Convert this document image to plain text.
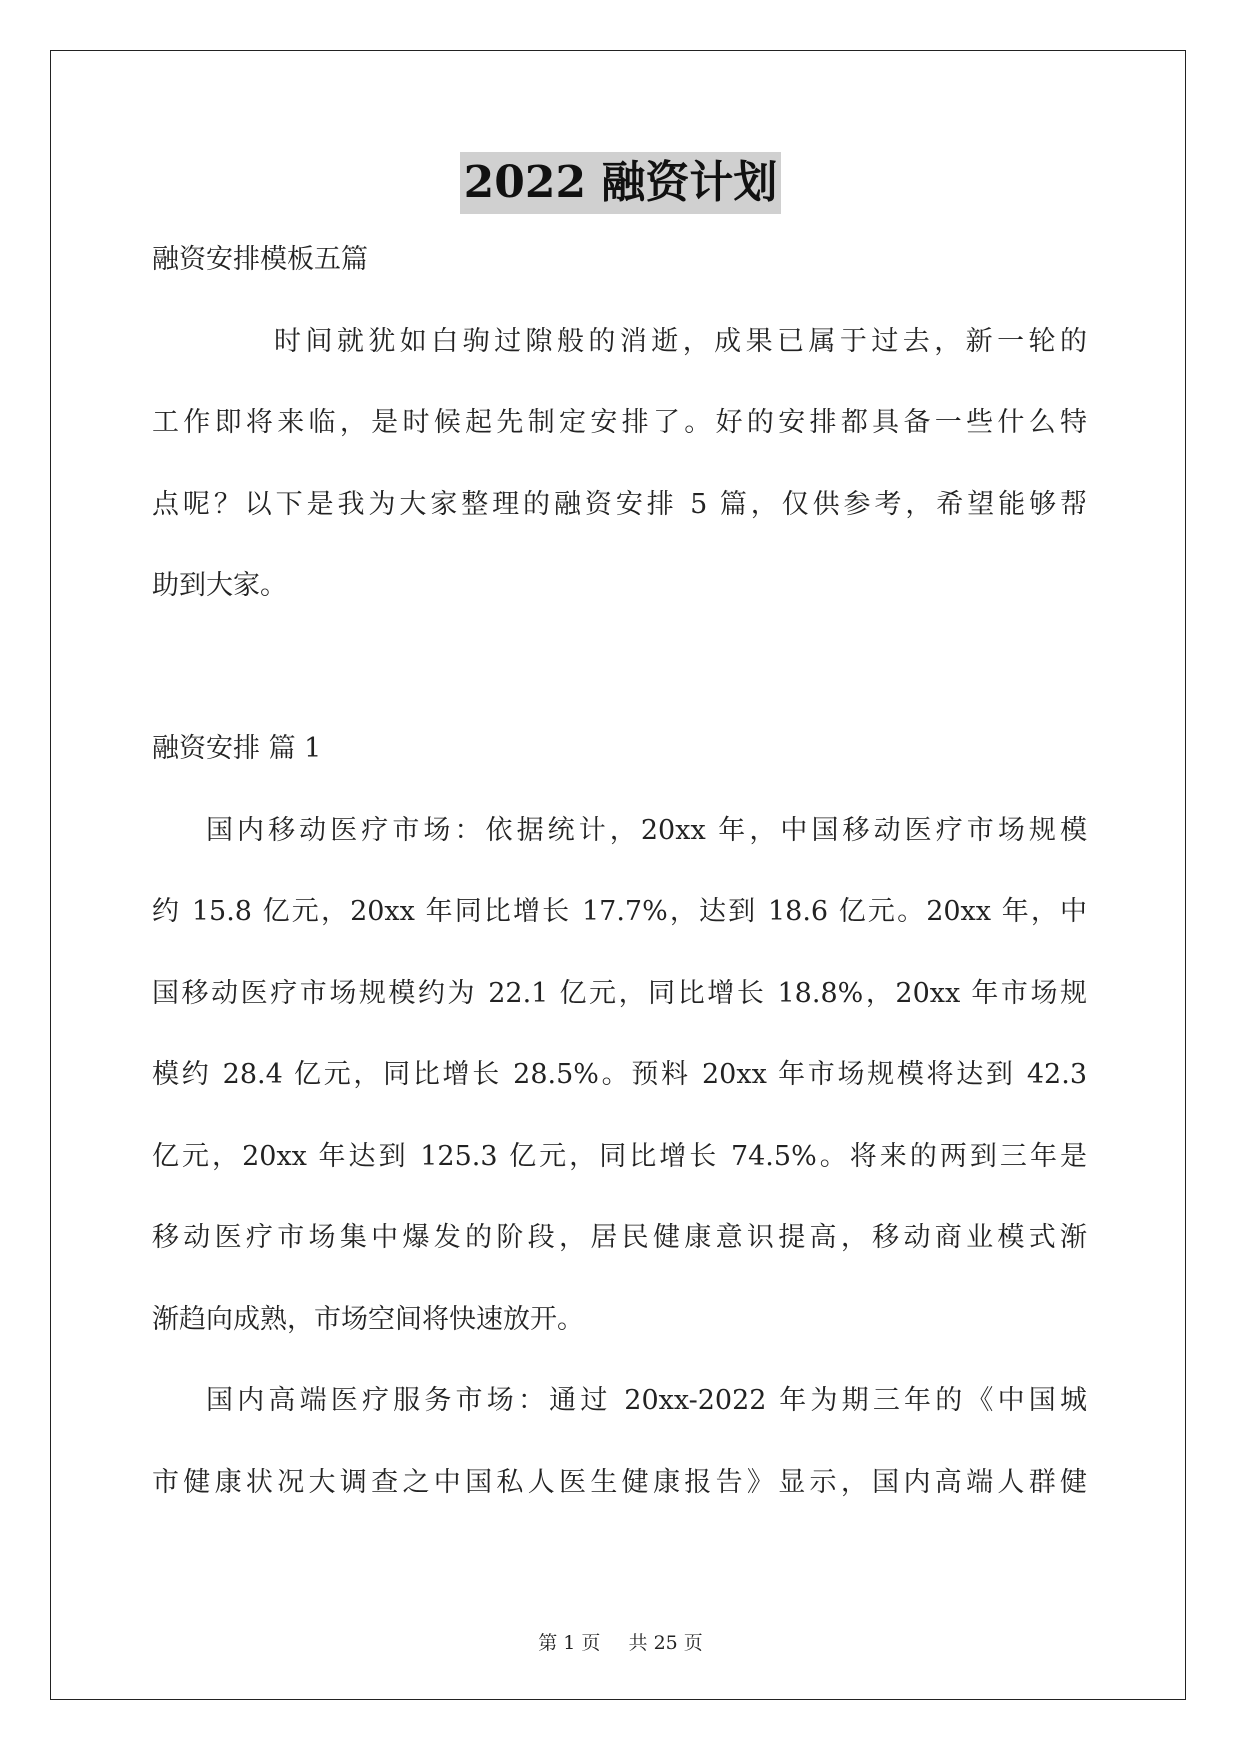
2022 融资计划
融资安排模板五篇
时间就犹如白驹过隙般的消逝，成果已属于过去，新一轮的
工作即将来临，是时候起先制定安排了。好的安排都具备一些什么特
点呢？以下是我为大家整理的融资安排 5 篇，仅供参考，希望能够帮
助到大家。
融资安排 篇 1
国内移动医疗市场：依据统计，20xx 年，中国移动医疗市场规模
约 15.8 亿元，20xx 年同比增长 17.7%，达到 18.6 亿元。20xx 年，中
国移动医疗市场规模约为 22.1 亿元，同比增长 18.8%，20xx 年市场规
模约 28.4 亿元，同比增长 28.5%。预料 20xx 年市场规模将达到 42.3
亿元，20xx 年达到 125.3 亿元，同比增长 74.5%。将来的两到三年是
移动医疗市场集中爆发的阶段，居民健康意识提高，移动商业模式渐
渐趋向成熟，市场空间将快速放开。
国内高端医疗服务市场：通过 20xx-2022 年为期三年的《中国城
市健康状况大调查之中国私人医生健康报告》显示，国内高端人群健
第 1 页 共 25 页
